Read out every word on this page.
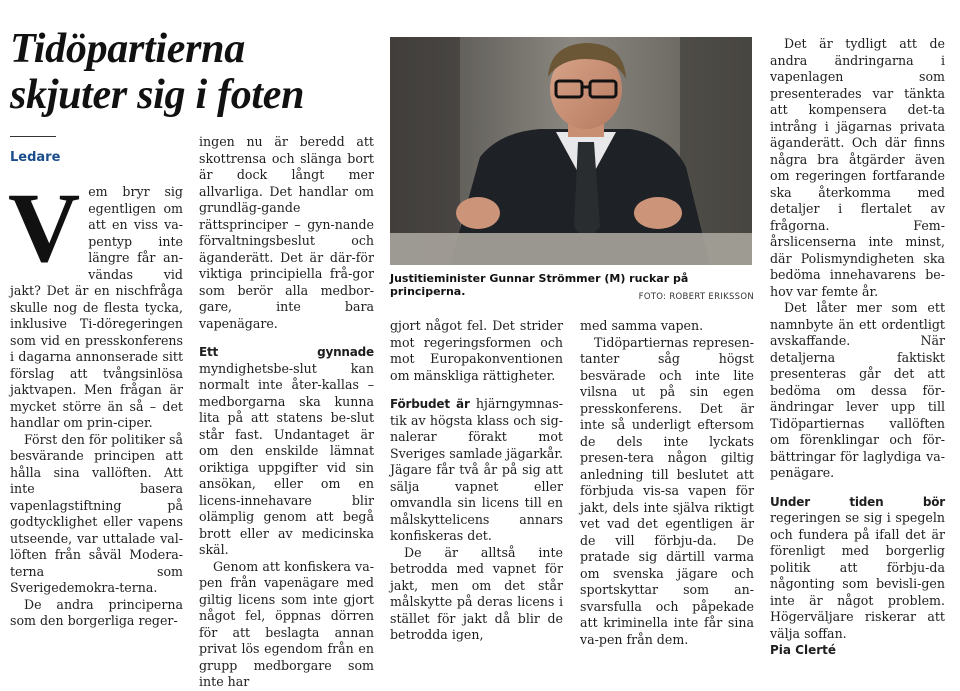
Tidöpartierna
skjuter sig i foten
Ledare

V em bryr sig egentligen om att en viss va-pentyp inte längre får an-vändas vid jakt? Det är en nischfråga skulle nog de flesta tycka, inklusive Ti-döregeringen som vid en presskonferens i dagarna annonserade sitt förslag att tvångsinlösa jaktvapen. Men frågan är mycket större än så – det handlar om prin-ciper.

Först den för politiker så besvärande principen att hålla sina vallöften. Att inte basera vapenlagstiftning på godtycklighet eller vapens utseende, var uttalade val-löften från såväl Modera-terna som Sverigedemokra-terna.

De andra principerna som den borgerliga reger-

ingen nu är beredd att skottrensa och slänga bort är dock långt mer allvarliga. Det handlar om grundläg-gande rättsprinciper – gyn-nande förvaltningsbeslut och äganderätt. Det är där-för viktiga principiella frå-gor som berör alla medbor-gare, inte bara vapenägare.

Ett gynnade myndighetsbe-slut kan normalt inte åter-kallas – medborgarna ska kunna lita på att statens be-slut står fast. Undantaget är om den enskilde lämnat oriktiga uppgifter vid sin ansökan, eller om en licens-innehavare blir olämplig genom att begå brott eller av medicinska skäl.

Genom att konfiskera va-pen från vapenägare med giltig licens som inte gjort något fel, öppnas dörren för att beslagta annan privat lös egendom från en grupp medborgare som inte har

Justitieminister Gunnar Strömmer (M) ruckar på principerna.	FOTO: ROBERT ERIKSSON

gjort något fel. Det strider mot regeringsformen och mot Europakonventionen om mänskliga rättigheter.

Förbudet är hjärngymnas-tik av högsta klass och sig-nalerar förakt mot Sveriges samlade jägarkår. Jägare får två år på sig att sälja vapnet eller omvandla sin licens till en målskyttelicens annars konfiskeras det.

De är alltså inte betrodda med vapnet för jakt, men om det står målskytte på deras licens i stället för jakt då blir de betrodda igen,

med samma vapen.

Tidöpartiernas represen-tanter såg högst besvärade och inte lite vilsna ut på sin egen presskonferens. Det är inte så underligt eftersom de dels inte lyckats presen-tera någon giltig anledning till beslutet att förbjuda vis-sa vapen för jakt, dels inte själva riktigt vet vad det egentligen är de vill förbju-da. De pratade sig därtill varma om svenska jägare och sportskyttar som an-svarsfulla och påpekade att kriminella inte får sina va-pen från dem.

Det är tydligt att de andra ändringarna i vapenlagen som presenterades var tänkta att kompensera det-ta intrång i jägarnas privata äganderätt. Och där finns några bra åtgärder även om regeringen fortfarande ska återkomma med detaljer i flertalet av frågorna. Fem-årslicenserna inte minst, där Polismyndigheten ska bedöma innehavarens be-hov var femte år.

Det låter mer som ett namnbyte än ett ordentligt avskaffande. När detaljerna faktiskt presenteras går det att bedöma om dessa för-ändringar lever upp till Tidöpartiernas vallöften om förenklingar och för-bättringar för laglydiga va-penägare.

Under tiden bör regeringen se sig i spegeln och fundera på ifall det är förenligt med borgerlig politik att förbju-da någonting som bevisli-gen inte är något problem. Högerväljare riskerar att välja soffan.

Pia Clerté
